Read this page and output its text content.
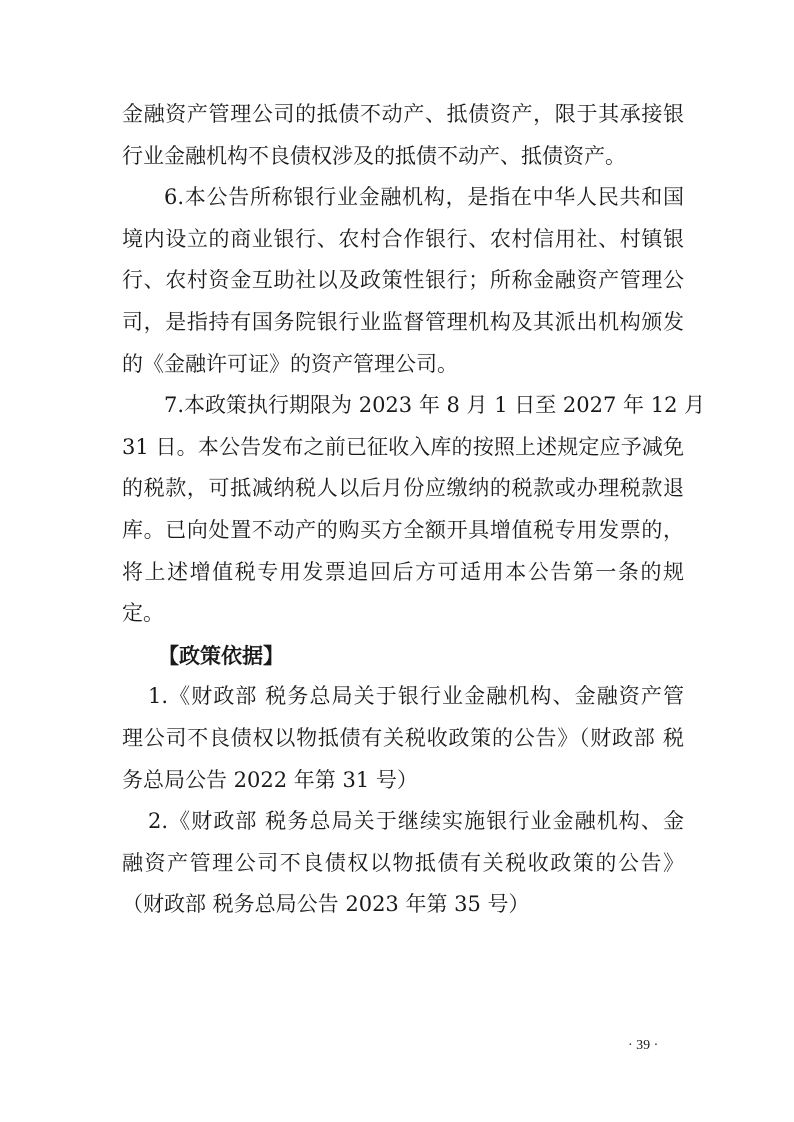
金融资产管理公司的抵债不动产、抵债资产，限于其承接银
行业金融机构不良债权涉及的抵债不动产、抵债资产。
6.本公告所称银行业金融机构，是指在中华人民共和国
境内设立的商业银行、农村合作银行、农村信用社、村镇银
行、农村资金互助社以及政策性银行；所称金融资产管理公
司，是指持有国务院银行业监督管理机构及其派出机构颁发
的《金融许可证》的资产管理公司。
7.本政策执行期限为 2023 年 8 月 1 日至 2027 年 12 月
31 日。本公告发布之前已征收入库的按照上述规定应予减免
的税款，可抵减纳税人以后月份应缴纳的税款或办理税款退
库。已向处置不动产的购买方全额开具增值税专用发票的，
将上述增值税专用发票追回后方可适用本公告第一条的规
定。
【政策依据】
1.《财政部 税务总局关于银行业金融机构、金融资产管
理公司不良债权以物抵债有关税收政策的公告》（财政部 税
务总局公告 2022 年第 31 号）
2.《财政部 税务总局关于继续实施银行业金融机构、金
融资产管理公司不良债权以物抵债有关税收政策的公告》
（财政部 税务总局公告 2023 年第 35 号）
· 39 ·
